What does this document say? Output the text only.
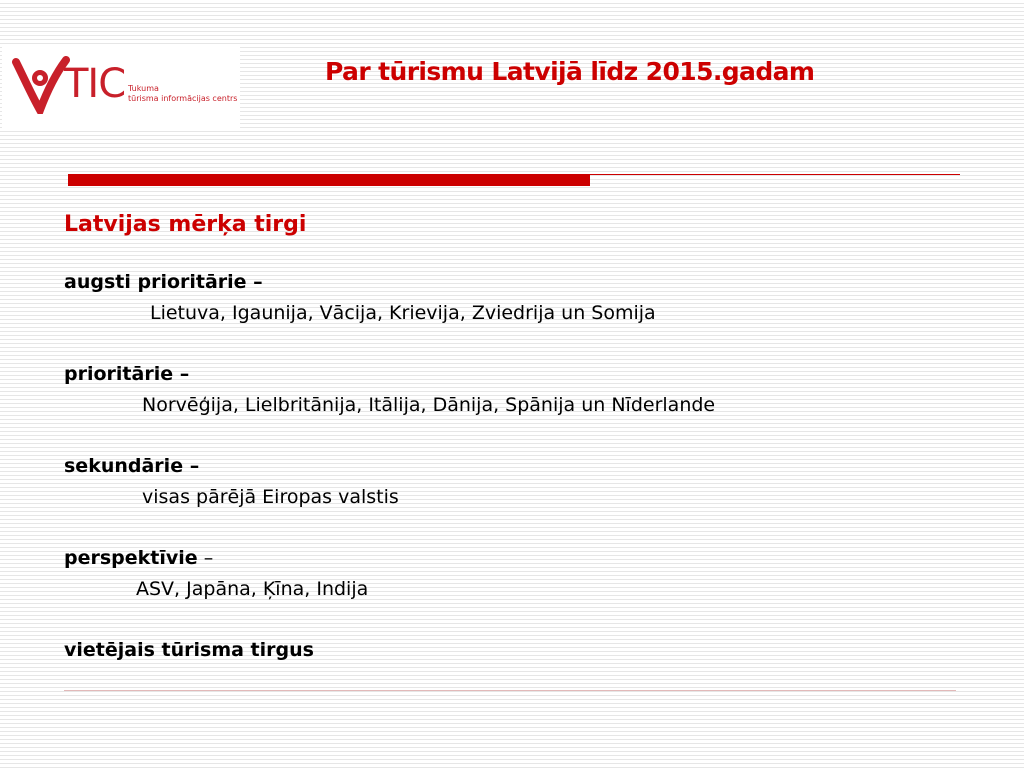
TIC Tukuma
tūrisma informācijas centrs
Par tūrismu Latvijā līdz 2015.gadam
Latvijas mērķa tirgi
augsti prioritārie –
Lietuva, Igaunija, Vācija, Krievija, Zviedrija un Somija
prioritārie –
Norvēģija, Lielbritānija, Itālija, Dānija, Spānija un Nīderlande
sekundārie –
visas pārējā Eiropas valstis
perspektīvie –
ASV, Japāna, Ķīna, Indija
vietējais tūrisma tirgus
